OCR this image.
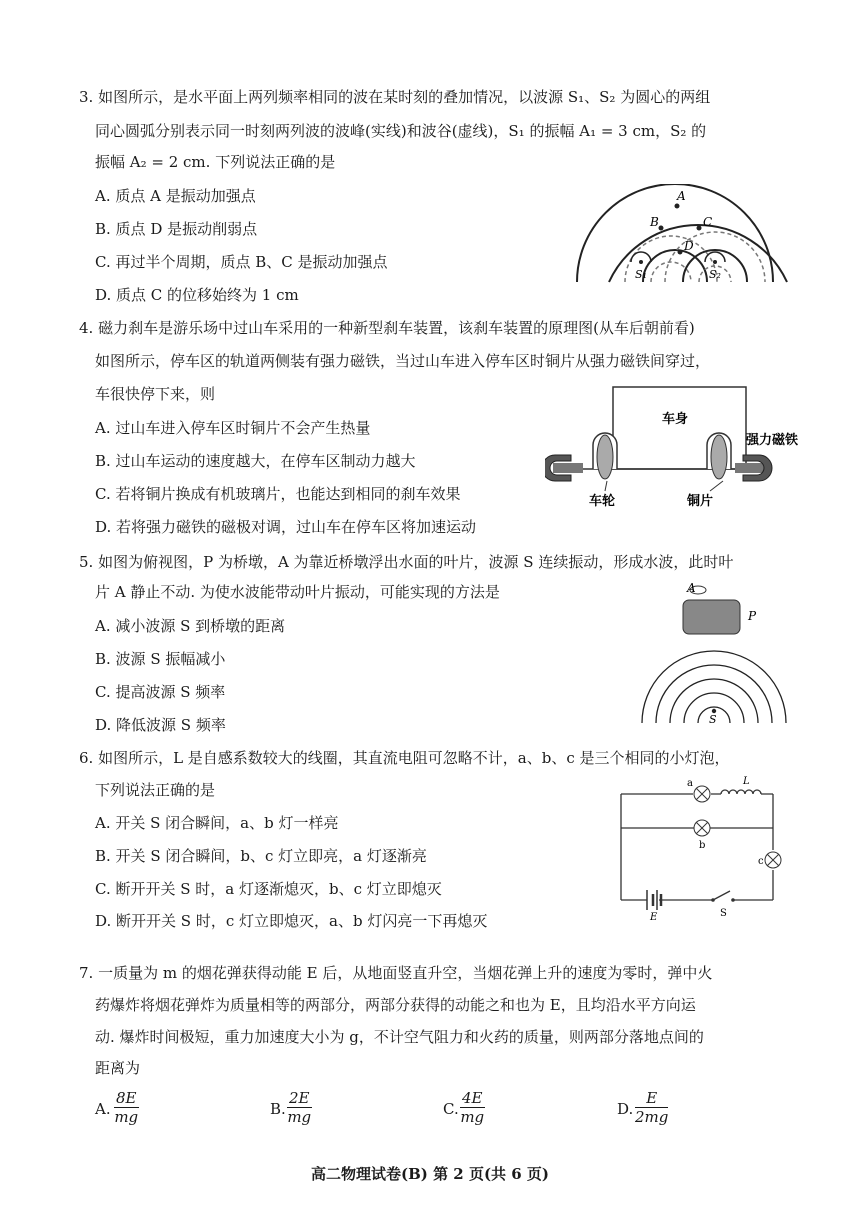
3. 如图所示，是水平面上两列频率相同的波在某时刻的叠加情况，以波源 S₁、S₂ 为圆心的两组
同心圆弧分别表示同一时刻两列波的波峰(实线)和波谷(虚线)，S₁ 的振幅 A₁ = 3 cm，S₂ 的
振幅 A₂ = 2 cm. 下列说法正确的是
A. 质点 A 是振动加强点
B. 质点 D 是振动削弱点
C. 再过半个周期，质点 B、C 是振动加强点
D. 质点 C 的位移始终为 1 cm
A
B	C
D
S₁	S₂
4. 磁力刹车是游乐场中过山车采用的一种新型刹车装置，该刹车装置的原理图(从车后朝前看)
如图所示，停车区的轨道两侧装有强力磁铁，当过山车进入停车区时铜片从强力磁铁间穿过，
车很快停下来，则
A. 过山车进入停车区时铜片不会产生热量
B. 过山车运动的速度越大，在停车区制动力越大
C. 若将铜片换成有机玻璃片，也能达到相同的刹车效果
D. 若将强力磁铁的磁极对调，过山车在停车区将加速运动
车身
强力磁铁
车轮	铜片
5. 如图为俯视图，P 为桥墩，A 为靠近桥墩浮出水面的叶片，波源 S 连续振动，形成水波，此时叶
片 A 静止不动. 为使水波能带动叶片振动，可能实现的方法是
A. 减小波源 S 到桥墩的距离
B. 波源 S 振幅减小
C. 提高波源 S 频率
D. 降低波源 S 频率
A
P
S
6. 如图所示，L 是自感系数较大的线圈，其直流电阻可忽略不计，a、b、c 是三个相同的小灯泡，
下列说法正确的是
A. 开关 S 闭合瞬间，a、b 灯一样亮
B. 开关 S 闭合瞬间，b、c 灯立即亮，a 灯逐渐亮
C. 断开开关 S 时，a 灯逐渐熄灭，b、c 灯立即熄灭
D. 断开开关 S 时，c 灯立即熄灭，a、b 灯闪亮一下再熄灭
a	L
b
c
E	S
7. 一质量为 m 的烟花弹获得动能 E 后，从地面竖直升空，当烟花弹上升的速度为零时，弹中火
药爆炸将烟花弹炸为质量相等的两部分，两部分获得的动能之和也为 E，且均沿水平方向运
动. 爆炸时间极短，重力加速度大小为 g，不计空气阻力和火药的质量，则两部分落地点间的
距离为
A. $\frac{8E}{mg}$	B. $\frac{2E}{mg}$	C. $\frac{4E}{mg}$	D. $\frac{E}{2mg}$
高二物理试卷(B) 第 2 页(共 6 页)
